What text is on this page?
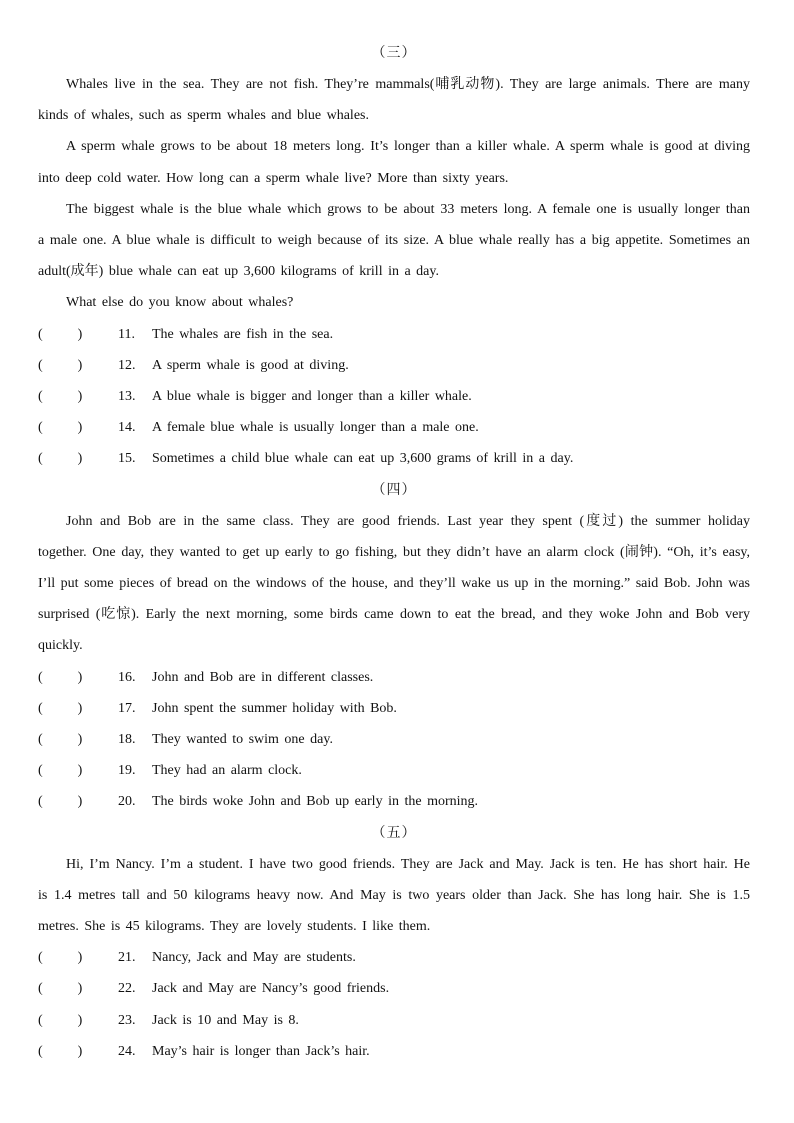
（三）

Whales live in the sea. They are not fish. They’re mammals(哺乳动物). They are large animals. There are many kinds of whales, such as sperm whales and blue whales.

A sperm whale grows to be about 18 meters long. It’s longer than a killer whale. A sperm whale is good at diving into deep cold water. How long can a sperm whale live? More than sixty years.

The biggest whale is the blue whale which grows to be about 33 meters long. A female one is usually longer than a male one. A blue whale is difficult to weigh because of its size. A blue whale really has a big appetite. Sometimes an adult(成年) blue whale can eat up 3,600 kilograms of krill in a day.

What else do you know about whales?

(	)	11.	The whales are fish in the sea.
(	)	12.	A sperm whale is good at diving.
(	)	13.	A blue whale is bigger and longer than a killer whale.
(	)	14.	A female blue whale is usually longer than a male one.
(	)	15.	Sometimes a child blue whale can eat up 3,600 grams of krill in a day.
（四）

John and Bob are in the same class. They are good friends. Last year they spent (度过) the summer holiday together. One day, they wanted to get up early to go fishing, but they didn’t have an alarm clock (闹钟). “Oh, it’s easy, I’ll put some pieces of bread on the windows of the house, and they’ll wake us up in the morning.” said Bob. John was surprised (吃惊). Early the next morning, some birds came down to eat the bread, and they woke John and Bob very quickly.

(	)	16.	John and Bob are in different classes.
(	)	17.	John spent the summer holiday with Bob.
(	)	18.	They wanted to swim one day.
(	)	19.	They had an alarm clock.
(	)	20.	The birds woke John and Bob up early in the morning.
（五）

Hi, I’m Nancy. I’m a student. I have two good friends. They are Jack and May. Jack is ten. He has short hair. He is 1.4 metres tall and 50 kilograms heavy now. And May is two years older than Jack. She has long hair. She is 1.5 metres. She is 45 kilograms. They are lovely students. I like them.

(	)	21.	Nancy, Jack and May are students.
(	)	22.	Jack and May are Nancy’s good friends.
(	)	23.	Jack is 10 and May is 8.
(	)	24.	May’s hair is longer than Jack’s hair.
